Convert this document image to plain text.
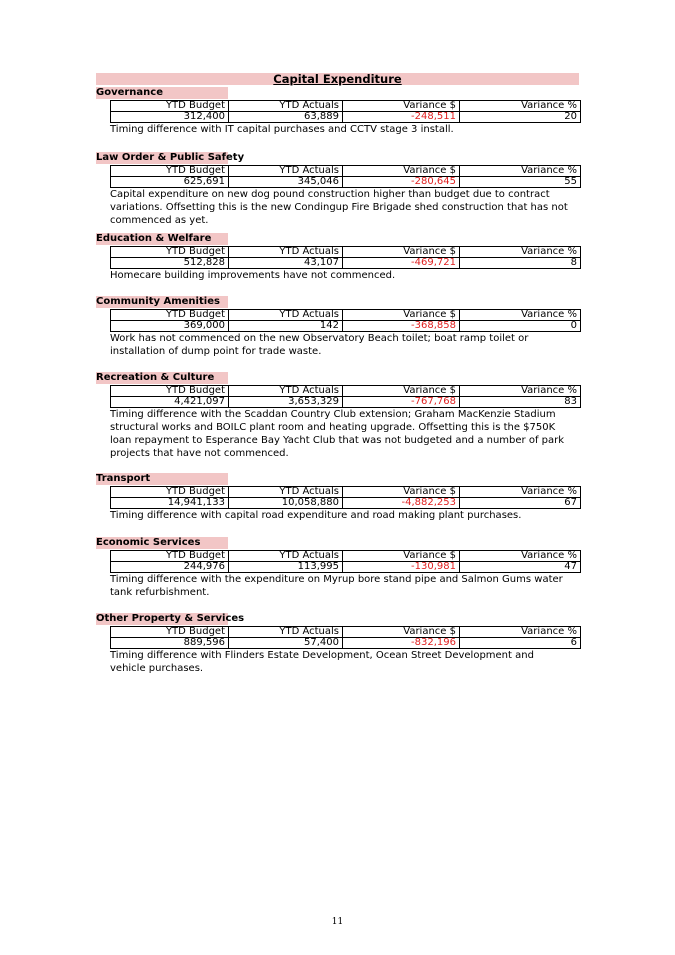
Capital Expenditure
Governance
YTD Budget	YTD Actuals	Variance $	Variance %
312,400	63,889	-248,511	20
Timing difference with IT capital purchases and CCTV stage 3 install.
Law Order & Public Safety
YTD Budget	YTD Actuals	Variance $	Variance %
625,691	345,046	-280,645	55
Capital expenditure on new dog pound construction higher than budget due to contract variations. Offsetting this is the new Condingup Fire Brigade shed construction that has not commenced as yet.
Education & Welfare
YTD Budget	YTD Actuals	Variance $	Variance %
512,828	43,107	-469,721	8
Homecare building improvements have not commenced.
Community Amenities
YTD Budget	YTD Actuals	Variance $	Variance %
369,000	142	-368,858	0
Work has not commenced on the new Observatory Beach toilet; boat ramp toilet or installation of dump point for trade waste.
Recreation & Culture
YTD Budget	YTD Actuals	Variance $	Variance %
4,421,097	3,653,329	-767,768	83
Timing difference with the Scaddan Country Club extension; Graham MacKenzie Stadium structural works and BOILC plant room and heating upgrade. Offsetting this is the $750K loan repayment to Esperance Bay Yacht Club that was not budgeted and a number of park projects that have not commenced.
Transport
YTD Budget	YTD Actuals	Variance $	Variance %
14,941,133	10,058,880	-4,882,253	67
Timing difference with capital road expenditure and road making plant purchases.
Economic Services
YTD Budget	YTD Actuals	Variance $	Variance %
244,976	113,995	-130,981	47
Timing difference with the expenditure on Myrup bore stand pipe and Salmon Gums water tank refurbishment.
Other Property & Services
YTD Budget	YTD Actuals	Variance $	Variance %
889,596	57,400	-832,196	6
Timing difference with Flinders Estate Development, Ocean Street Development and vehicle purchases.
11
